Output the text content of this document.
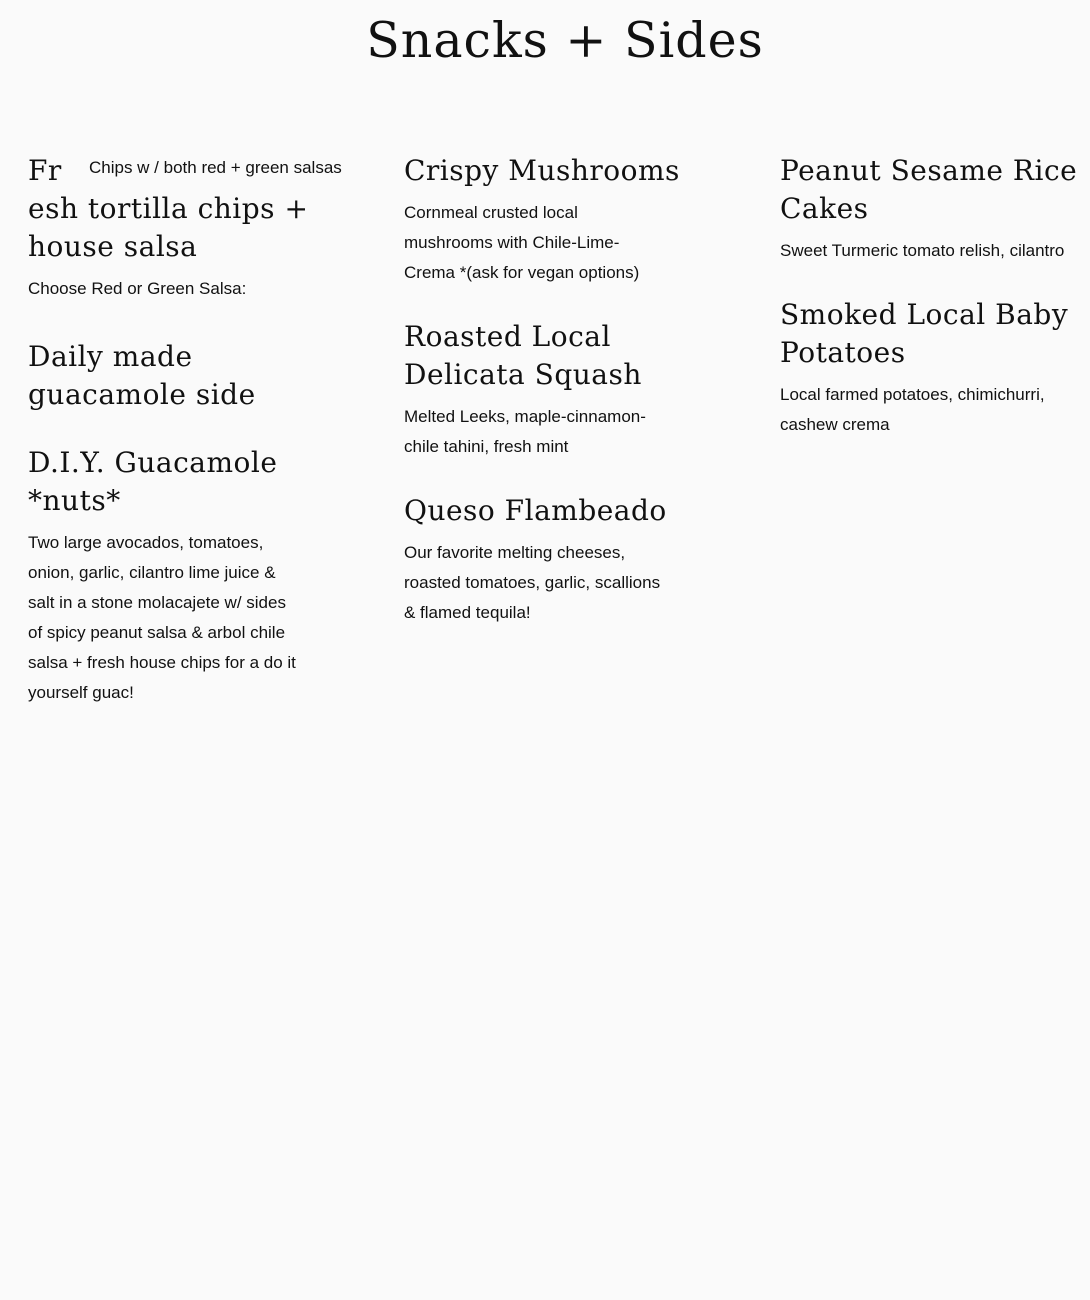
Snacks + Sides
Fr	Chips w / both red + green salsas
esh tortilla chips +
house salsa

Choose Red or Green Salsa:

Daily made guacamole side
D.I.Y. Guacamole *nuts*

Two large avocados, tomatoes, onion, garlic, cilantro lime juice & salt in a stone molacajete w/ sides of spicy peanut salsa & arbol chile salsa + fresh house chips for a do it yourself guac!

Crispy Mushrooms

Cornmeal crusted local mushrooms with Chile-Lime-Crema *(ask for vegan options)

Roasted Local Delicata Squash

Melted Leeks, maple-cinnamon-chile tahini, fresh mint

Queso Flambeado

Our favorite melting cheeses, roasted tomatoes, garlic, scallions & flamed tequila!

Peanut Sesame Rice Cakes

Sweet Turmeric tomato relish, cilantro

Smoked Local Baby Potatoes

Local farmed potatoes, chimichurri, cashew crema
